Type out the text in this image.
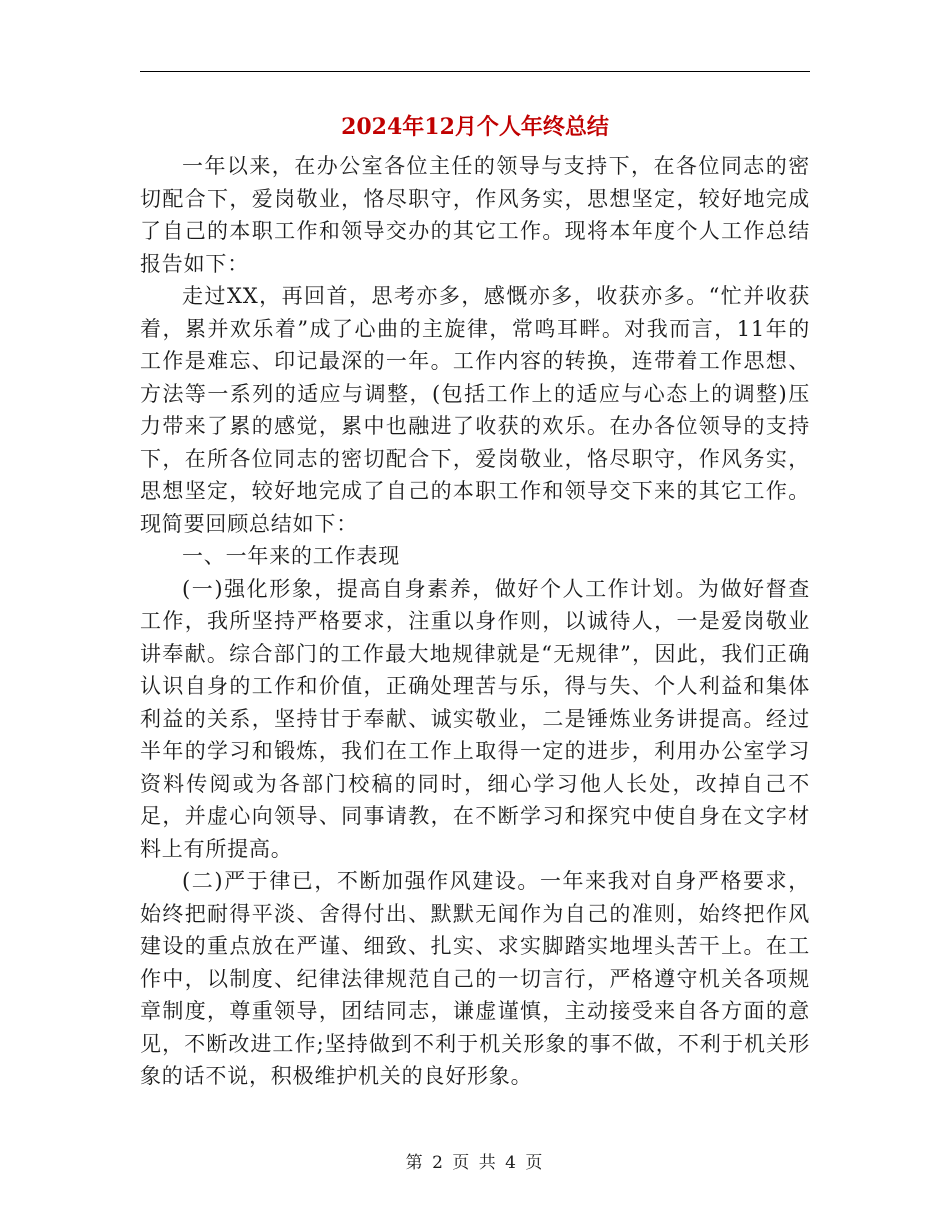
2024年12月个人年终总结

一年以来，在办公室各位主任的领导与支持下，在各位同志的密切配合下，爱岗敬业，恪尽职守，作风务实，思想坚定，较好地完成了自己的本职工作和领导交办的其它工作。现将本年度个人工作总结报告如下：

走过XX，再回首，思考亦多，感慨亦多，收获亦多。“忙并收获着，累并欢乐着”成了心曲的主旋律，常鸣耳畔。对我而言，11年的工作是难忘、印记最深的一年。工作内容的转换，连带着工作思想、方法等一系列的适应与调整，(包括工作上的适应与心态上的调整)压力带来了累的感觉，累中也融进了收获的欢乐。在办各位领导的支持下，在所各位同志的密切配合下，爱岗敬业，恪尽职守，作风务实，思想坚定，较好地完成了自己的本职工作和领导交下来的其它工作。现简要回顾总结如下：

一、一年来的工作表现

(一)强化形象，提高自身素养，做好个人工作计划。为做好督查工作，我所坚持严格要求，注重以身作则，以诚待人，一是爱岗敬业讲奉献。综合部门的工作最大地规律就是“无规律”，因此，我们正确认识自身的工作和价值，正确处理苦与乐，得与失、个人利益和集体利益的关系，坚持甘于奉献、诚实敬业，二是锤炼业务讲提高。经过半年的学习和锻炼，我们在工作上取得一定的进步，利用办公室学习资料传阅或为各部门校稿的同时，细心学习他人长处，改掉自己不足，并虚心向领导、同事请教，在不断学习和探究中使自身在文字材料上有所提高。

(二)严于律已，不断加强作风建设。一年来我对自身严格要求，始终把耐得平淡、舍得付出、默默无闻作为自己的准则，始终把作风建设的重点放在严谨、细致、扎实、求实脚踏实地埋头苦干上。在工作中，以制度、纪律法律规范自己的一切言行，严格遵守机关各项规章制度，尊重领导，团结同志，谦虚谨慎，主动接受来自各方面的意见，不断改进工作;坚持做到不利于机关形象的事不做，不利于机关形象的话不说，积极维护机关的良好形象。

第 2 页 共 4 页
